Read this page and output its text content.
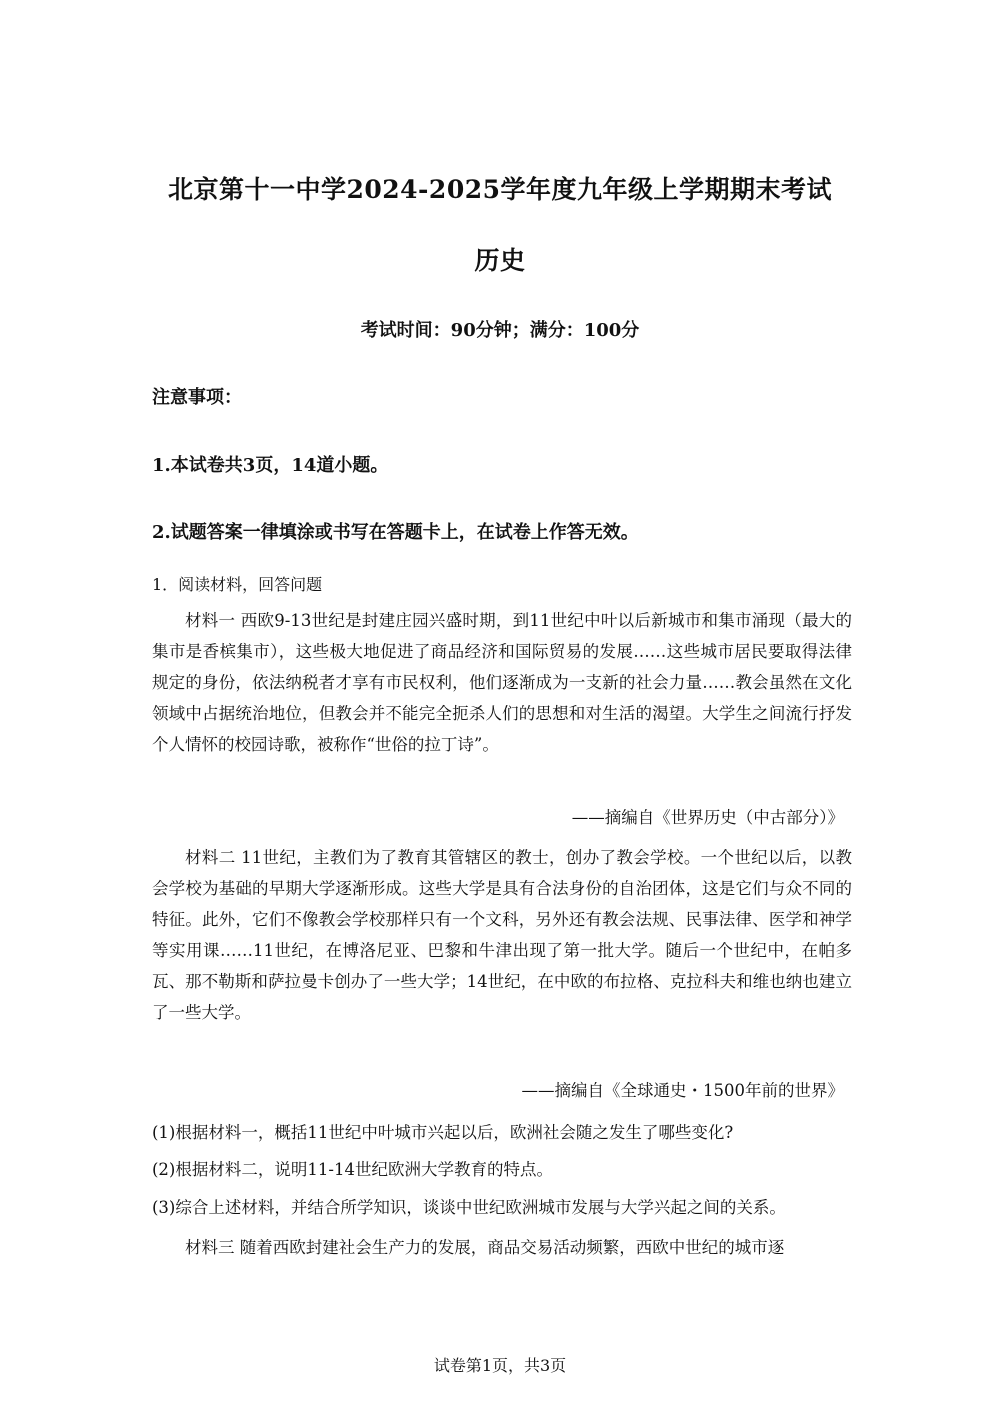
北京第十一中学2024-2025学年度九年级上学期期末考试
历史
考试时间：90分钟；满分：100分
注意事项：
1.本试卷共3页，14道小题。
2.试题答案一律填涂或书写在答题卡上，在试卷上作答无效。
1．阅读材料，回答问题
材料一 西欧9-13世纪是封建庄园兴盛时期，到11世纪中叶以后新城市和集市涌现（最大的集市是香槟集市），这些极大地促进了商品经济和国际贸易的发展……这些城市居民要取得法律规定的身份，依法纳税者才享有市民权利，他们逐渐成为一支新的社会力量……教会虽然在文化领域中占据统治地位，但教会并不能完全扼杀人们的思想和对生活的渴望。大学生之间流行抒发个人情怀的校园诗歌，被称作“世俗的拉丁诗”。
——摘编自《世界历史（中古部分）》
材料二 11世纪，主教们为了教育其管辖区的教士，创办了教会学校。一个世纪以后，以教会学校为基础的早期大学逐渐形成。这些大学是具有合法身份的自治团体，这是它们与众不同的特征。此外，它们不像教会学校那样只有一个文科，另外还有教会法规、民事法律、医学和神学等实用课……11世纪，在博洛尼亚、巴黎和牛津出现了第一批大学。随后一个世纪中，在帕多瓦、那不勒斯和萨拉曼卡创办了一些大学；14世纪，在中欧的布拉格、克拉科夫和维也纳也建立了一些大学。
——摘编自《全球通史・1500年前的世界》
(1)根据材料一，概括11世纪中叶城市兴起以后，欧洲社会随之发生了哪些变化?
(2)根据材料二，说明11-14世纪欧洲大学教育的特点。
(3)综合上述材料，并结合所学知识，谈谈中世纪欧洲城市发展与大学兴起之间的关系。
材料三 随着西欧封建社会生产力的发展，商品交易活动频繁，西欧中世纪的城市逐
试卷第1页，共3页
